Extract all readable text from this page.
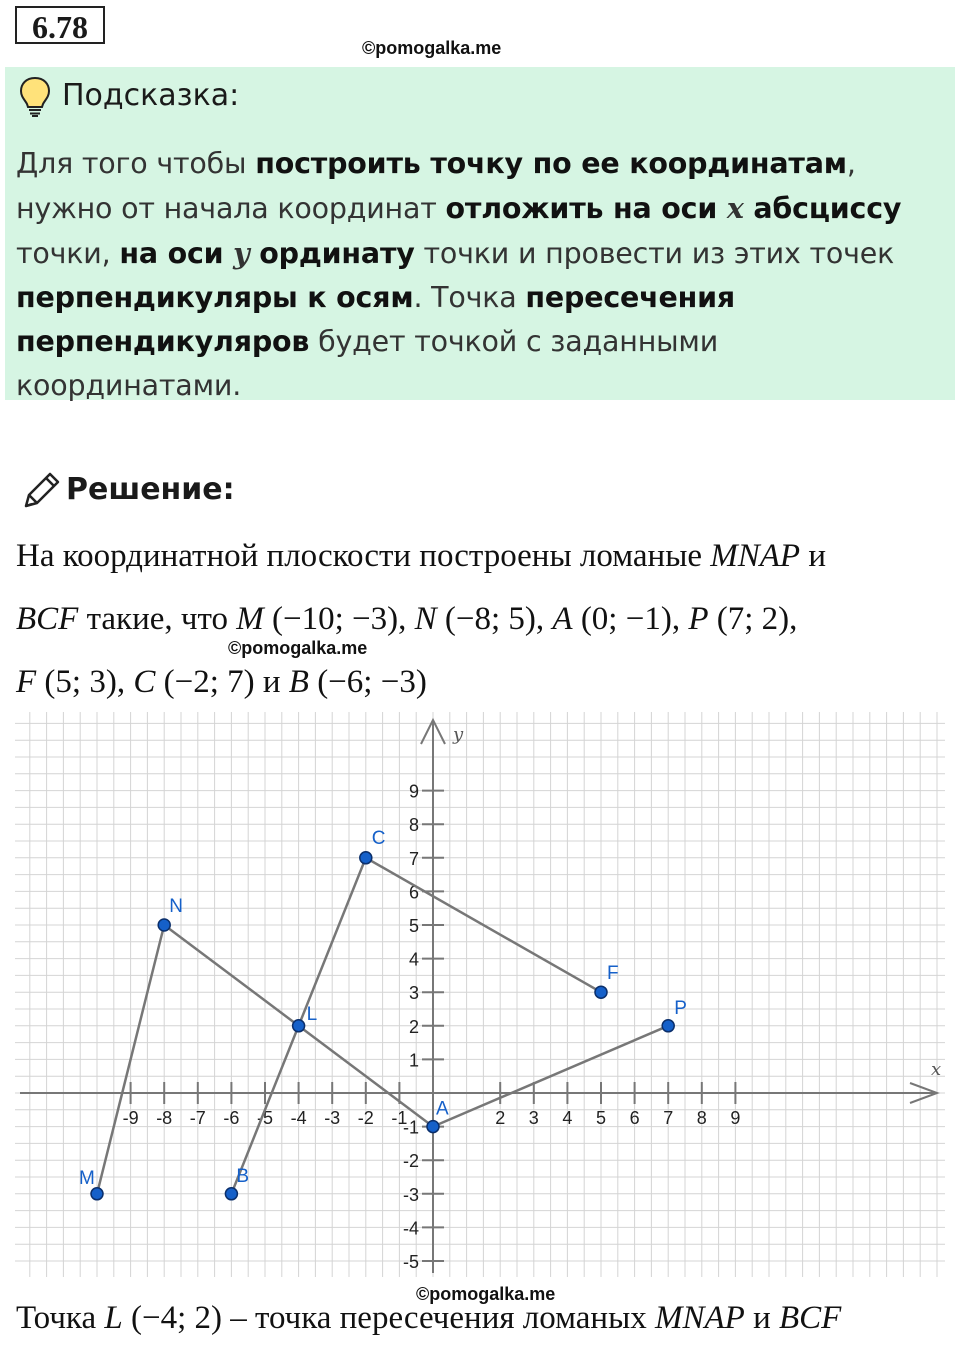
6.78
©pomogalka.me
Подсказка:
Для того чтобы построить точку по ее координатам, нужно от начала координат отложить на оси x абсциссу точки, на оси y ординату точки и провести из этих точек перпендикуляры к осям. Точка пересечения перпендикуляров будет точкой с заданными координатами.
Решение:
На координатной плоскости построены ломаные MNAP и
BCF такие, что M (−10; −3), N (−8; 5), A (0; −1), P (7; 2),
©pomogalka.me
F (5; 3), C (−2; 7) и B (−6; −3)
x
y
-9 -8 -7 -6 -5 -4 -3 -2 -1	2 3 4 5 6 7 8 9
9
8
7
6
5
4
3
2
1
-1
-2
-3
-4
-5
M
N
A
P
B
C
F
L
©pomogalka.me
Точка L (−4; 2) – точка пересечения ломаных MNAP и BCF
